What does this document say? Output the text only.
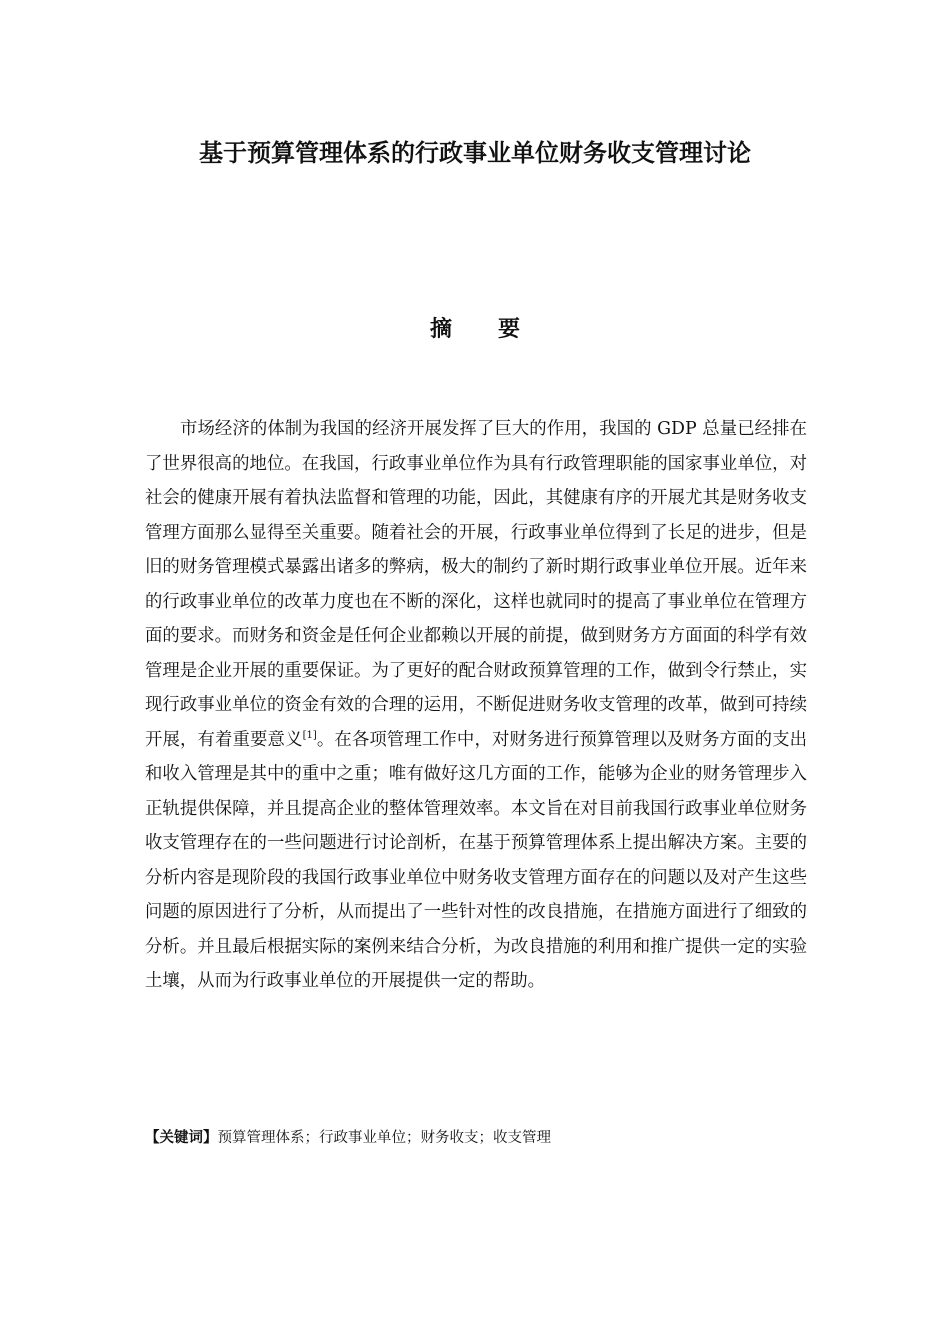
基于预算管理体系的行政事业单位财务收支管理讨论
摘 要

市场经济的体制为我国的经济开展发挥了巨大的作用，我国的 GDP 总量已经排在了世界很高的地位。在我国，行政事业单位作为具有行政管理职能的国家事业单位，对社会的健康开展有着执法监督和管理的功能，因此，其健康有序的开展尤其是财务收支管理方面那么显得至关重要。随着社会的开展，行政事业单位得到了长足的进步，但是旧的财务管理模式暴露出诸多的弊病，极大的制约了新时期行政事业单位开展。近年来的行政事业单位的改革力度也在不断的深化，这样也就同时的提高了事业单位在管理方面的要求。而财务和资金是任何企业都赖以开展的前提，做到财务方方面面的科学有效管理是企业开展的重要保证。为了更好的配合财政预算管理的工作，做到令行禁止，实现行政事业单位的资金有效的合理的运用，不断促进财务收支管理的改革，做到可持续开展，有着重要意义[1]。在各项管理工作中，对财务进行预算管理以及财务方面的支出和收入管理是其中的重中之重；唯有做好这几方面的工作，能够为企业的财务管理步入正轨提供保障，并且提高企业的整体管理效率。本文旨在对目前我国行政事业单位财务收支管理存在的一些问题进行讨论剖析，在基于预算管理体系上提出解决方案。主要的分析内容是现阶段的我国行政事业单位中财务收支管理方面存在的问题以及对产生这些问题的原因进行了分析，从而提出了一些针对性的改良措施，在措施方面进行了细致的分析。并且最后根据实际的案例来结合分析，为改良措施的利用和推广提供一定的实验土壤，从而为行政事业单位的开展提供一定的帮助。

【关键词】预算管理体系；行政事业单位；财务收支；收支管理
